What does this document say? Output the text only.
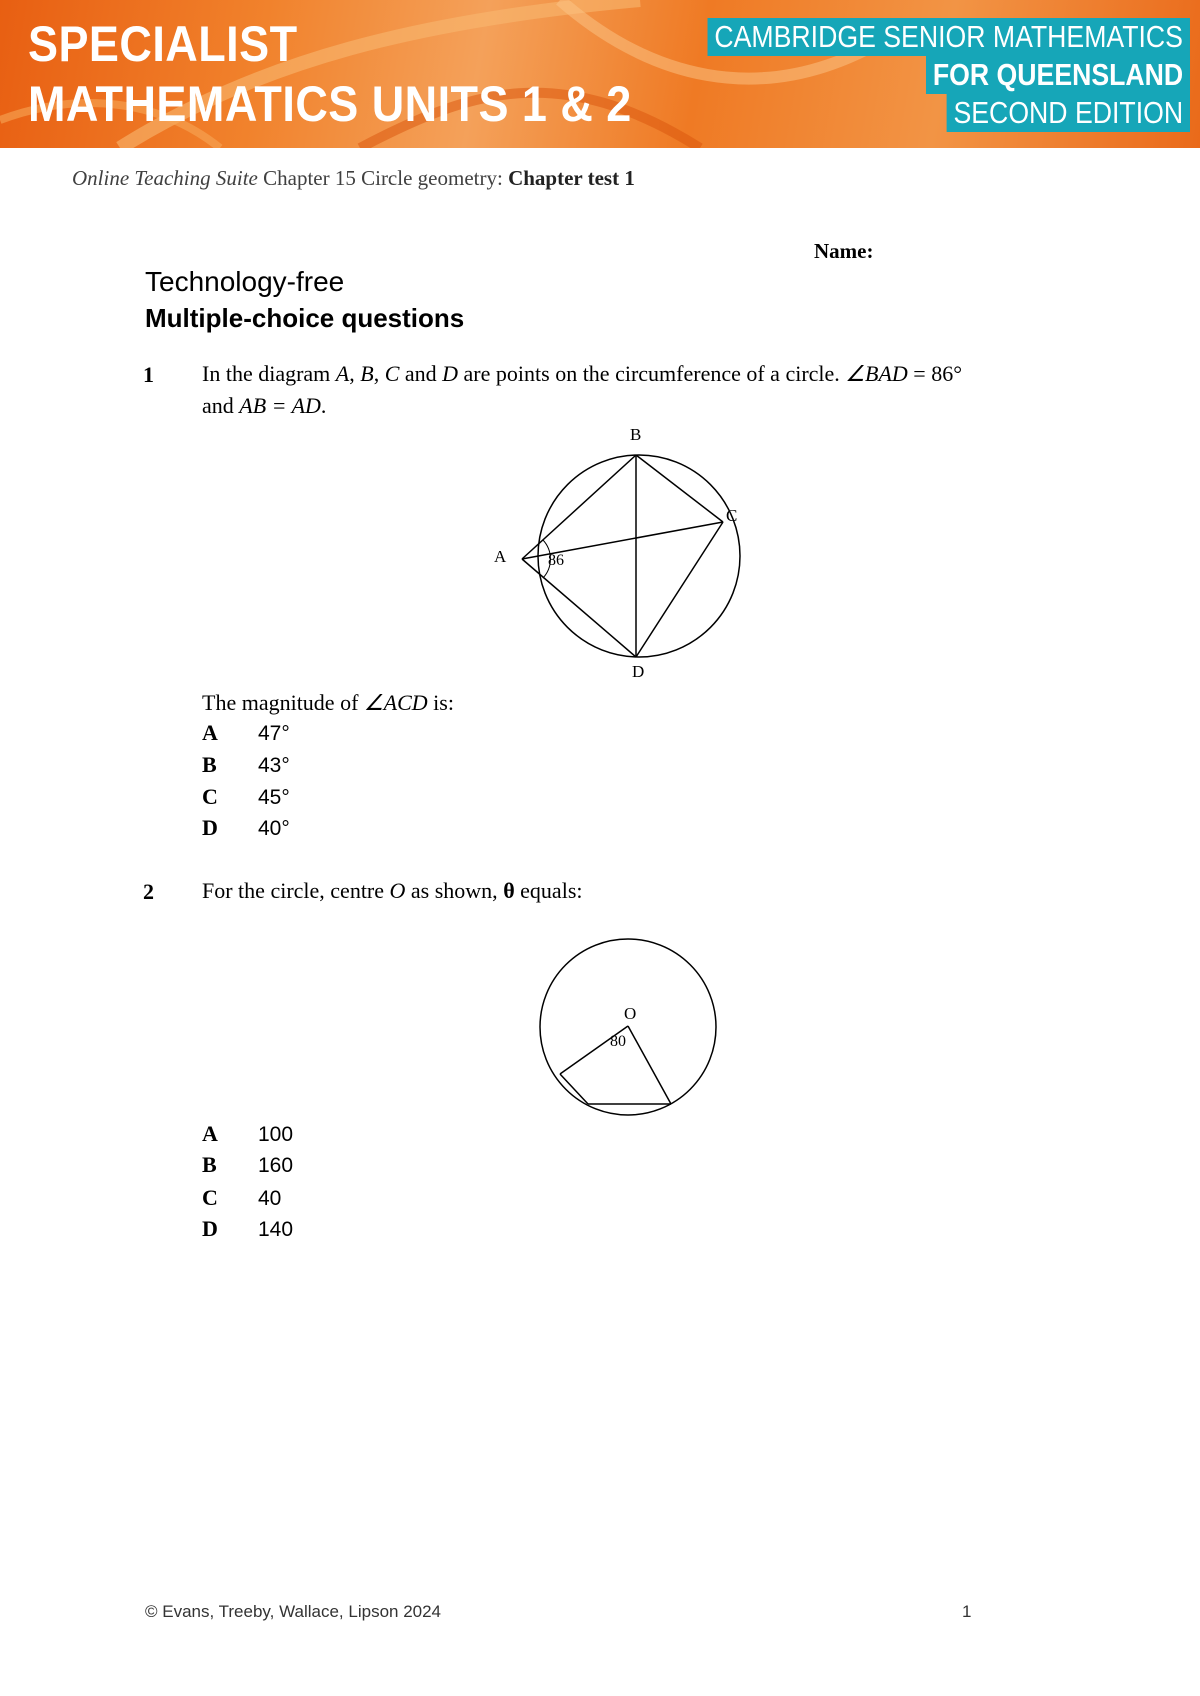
SPECIALIST
MATHEMATICS UNITS 1 & 2
CAMBRIDGE SENIOR MATHEMATICS
FOR QUEENSLAND
SECOND EDITION
Online Teaching Suite Chapter 15 Circle geometry: Chapter test 1
Name:
Technology-free
Multiple-choice questions
1 In the diagram A, B, C and D are points on the circumference of a circle. ∠BAD = 86°
and AB = AD.
B
C
A
D
86
The magnitude of ∠ACD is:
A 47°
B 43°
C 45°
D 40°
2 For the circle, centre O as shown, θ equals:
O
80
A 100
B 160
C 40
D 140
© Evans, Treeby, Wallace, Lipson 2024	1
